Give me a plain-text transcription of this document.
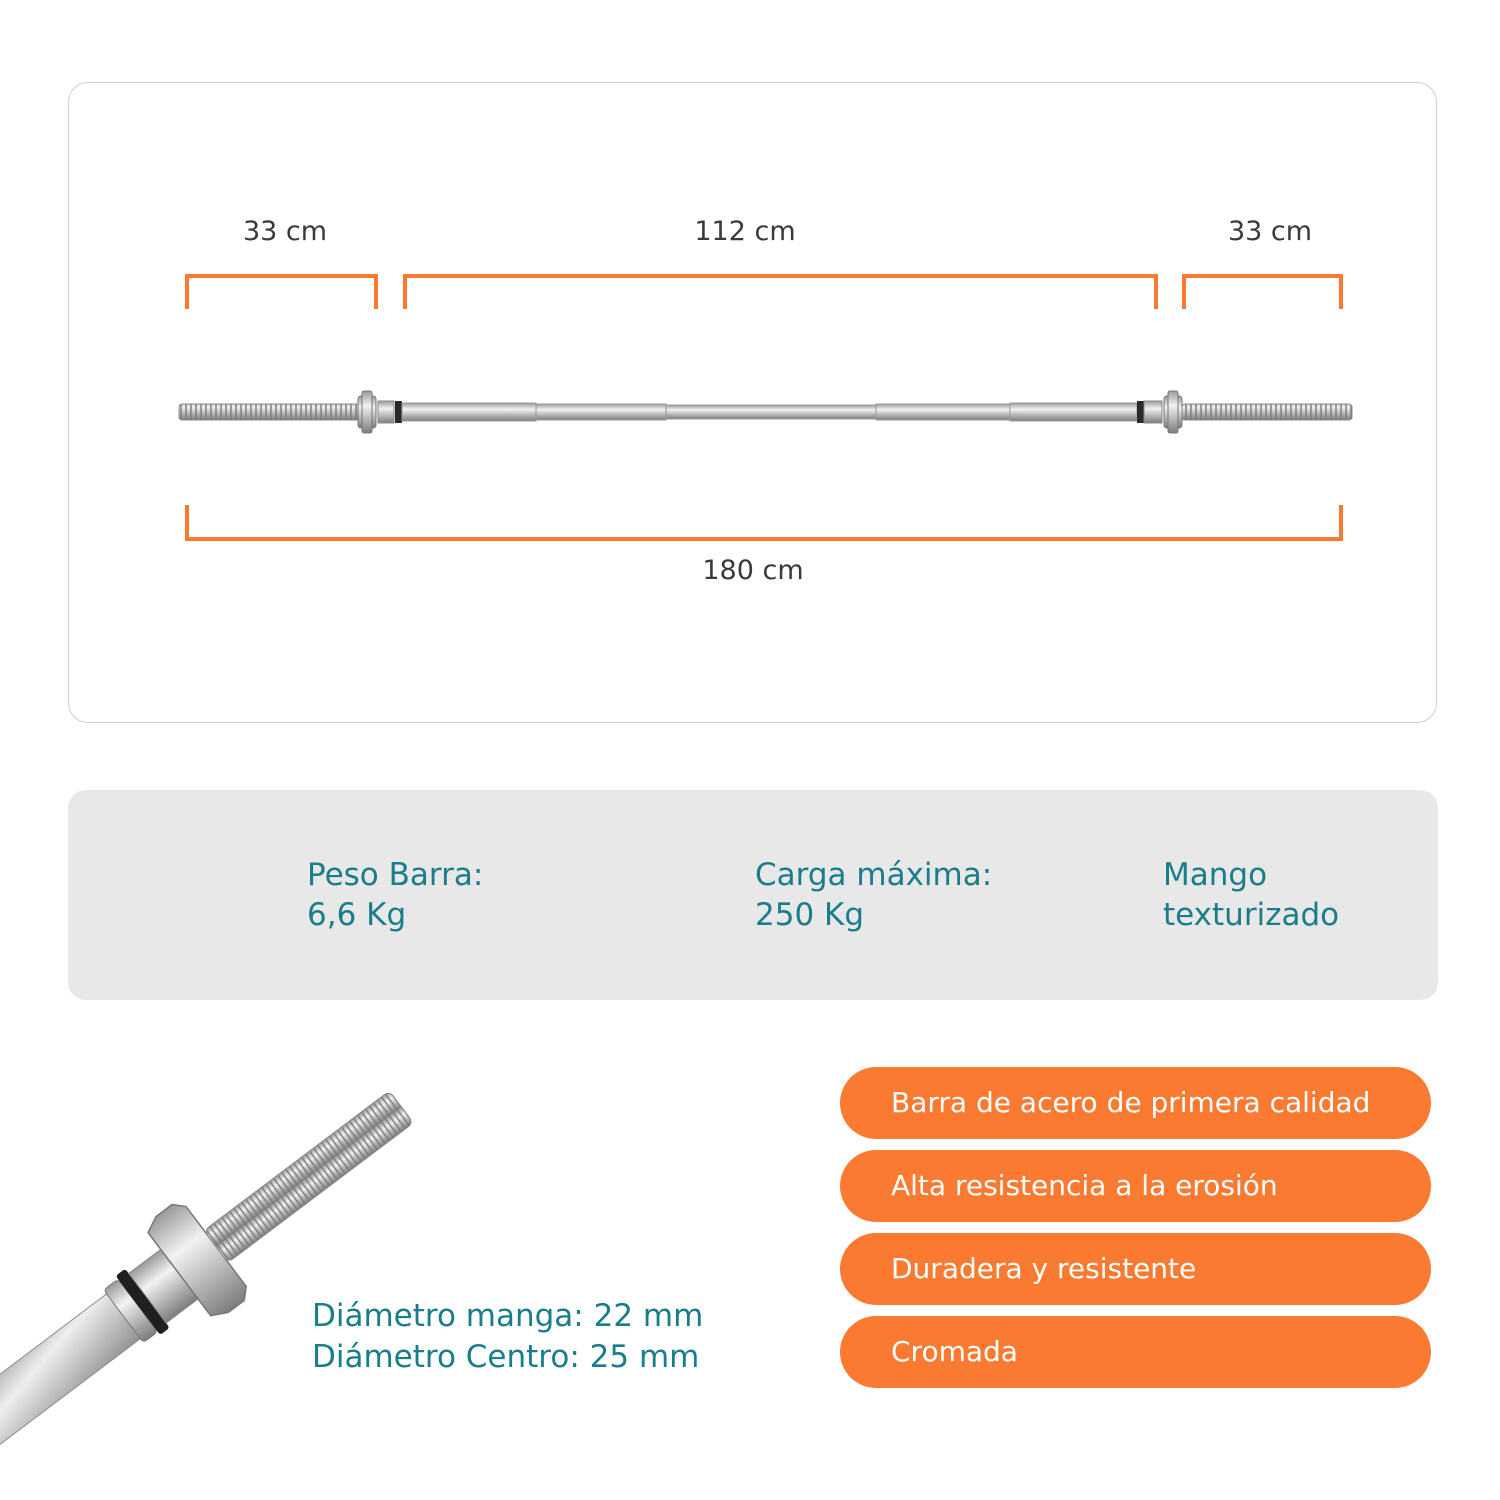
33 cm	112 cm	33 cm
180 cm
Peso Barra:
6,6 Kg
Carga máxima:
250 Kg
Mango
texturizado
Diámetro manga: 22 mm
Diámetro Centro: 25 mm
Barra de acero de primera calidad
Alta resistencia a la erosión
Duradera y resistente
Cromada
